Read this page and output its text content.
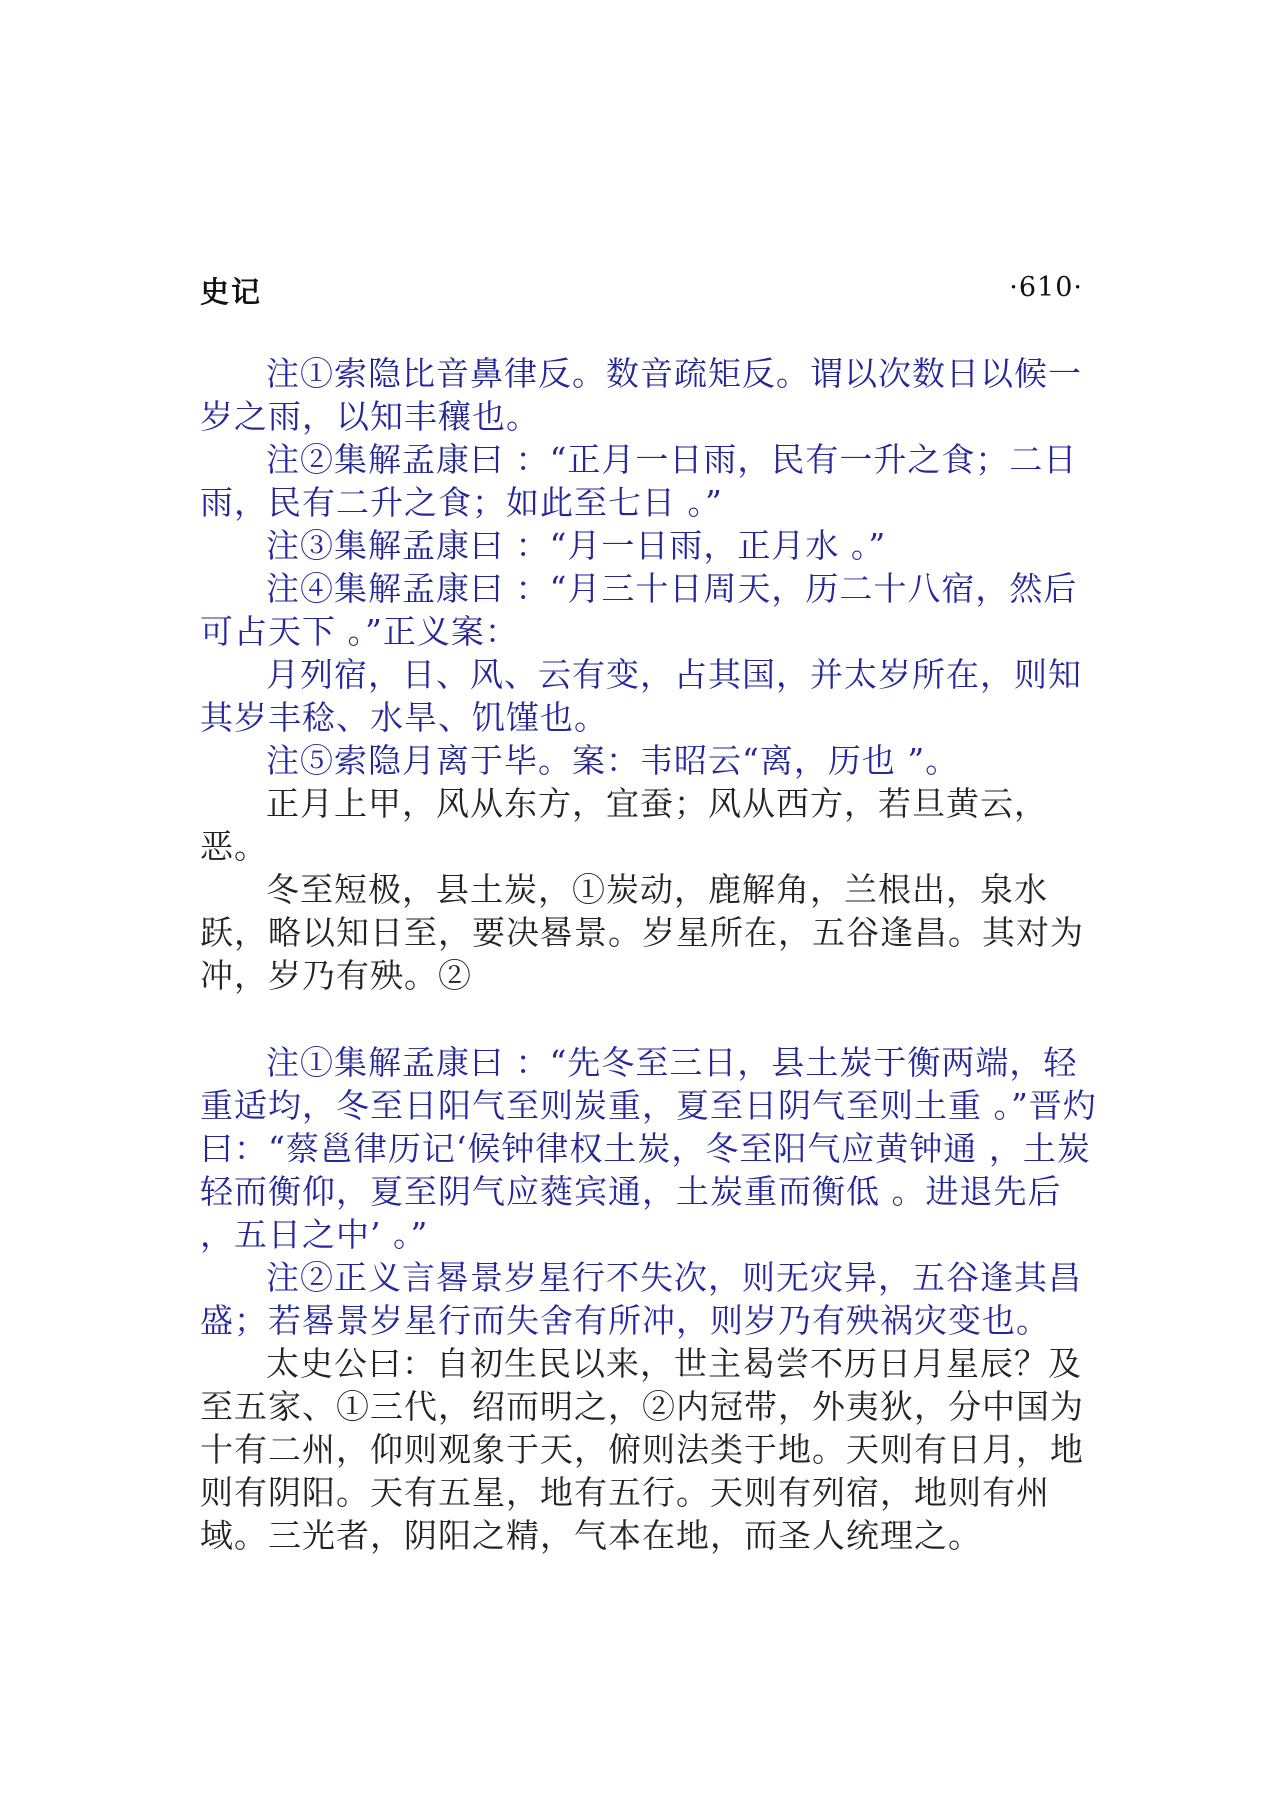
史记	·610·

注①索隐比音鼻律反。数音疏矩反。谓以次数日以候一岁之雨，以知丰穰也。

注②集解孟康曰 ：“正月一日雨，民有一升之食；二日雨，民有二升之食；如此至七日 。”

注③集解孟康曰 ：“月一日雨，正月水 。”

注④集解孟康曰 ：“月三十日周天，历二十八宿，然后可占天下 。”正义案：

月列宿，日、风、云有变，占其国，并太岁所在，则知其岁丰稔、水旱、饥馑也。

注⑤索隐月离于毕。案：韦昭云“离，历也 ”。

正月上甲，风从东方，宜蚕；风从西方，若旦黄云，恶。

冬至短极，县土炭，①炭动，鹿解角，兰根出，泉水跃，略以知日至，要决晷景。岁星所在，五谷逢昌。其对为冲，岁乃有殃。②

注①集解孟康曰 ：“先冬至三日，县土炭于衡两端，轻重适均，冬至日阳气至则炭重，夏至日阴气至则土重 。”晋灼曰：“蔡邕律历记‘候钟律权土炭，冬至阳气应黄钟通 ，土炭轻而衡仰，夏至阴气应蕤宾通，土炭重而衡低 。进退先后 ，五日之中’ 。”

注②正义言晷景岁星行不失次，则无灾异，五谷逢其昌盛；若晷景岁星行而失舍有所冲，则岁乃有殃祸灾变也。

太史公曰：自初生民以来，世主曷尝不历日月星辰？及至五家、①三代，绍而明之，②内冠带，外夷狄，分中国为十有二州，仰则观象于天，俯则法类于地。天则有日月，地则有阴阳。天有五星，地有五行。天则有列宿，地则有州域。三光者，阴阳之精，气本在地，而圣人统理之。
